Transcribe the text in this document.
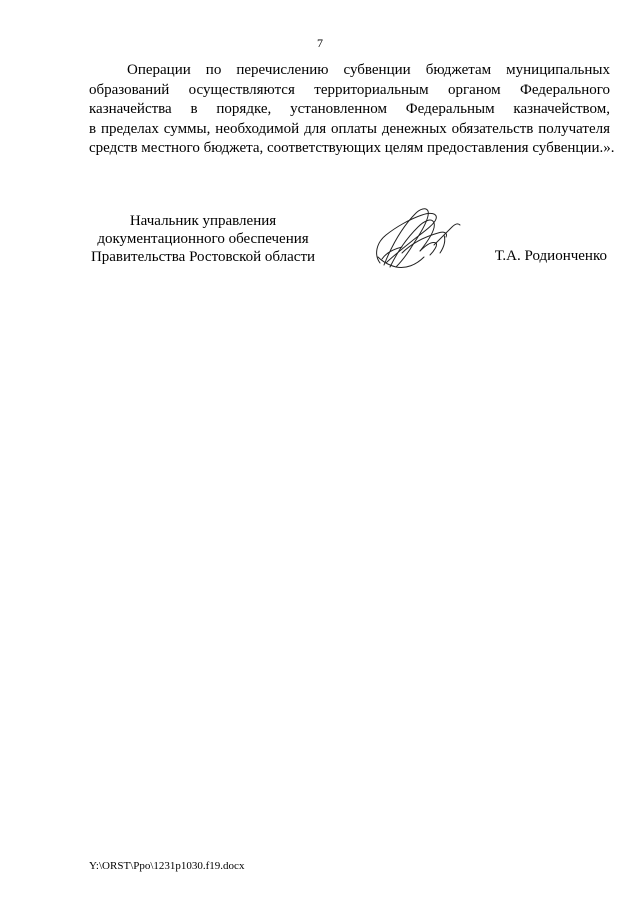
7
Операции по перечислению субвенции бюджетам муниципальных
образований осуществляются территориальным органом Федерального
казначейства в порядке, установленном Федеральным казначейством,
в пределах суммы, необходимой для оплаты денежных обязательств получателя
средств местного бюджета, соответствующих целям предоставления субвенции.».
Начальник управления
документационного обеспечения
Правительства Ростовской области	Т.А. Родионченко
Y:\ORST\Ppo\1231p1030.f19.docx
